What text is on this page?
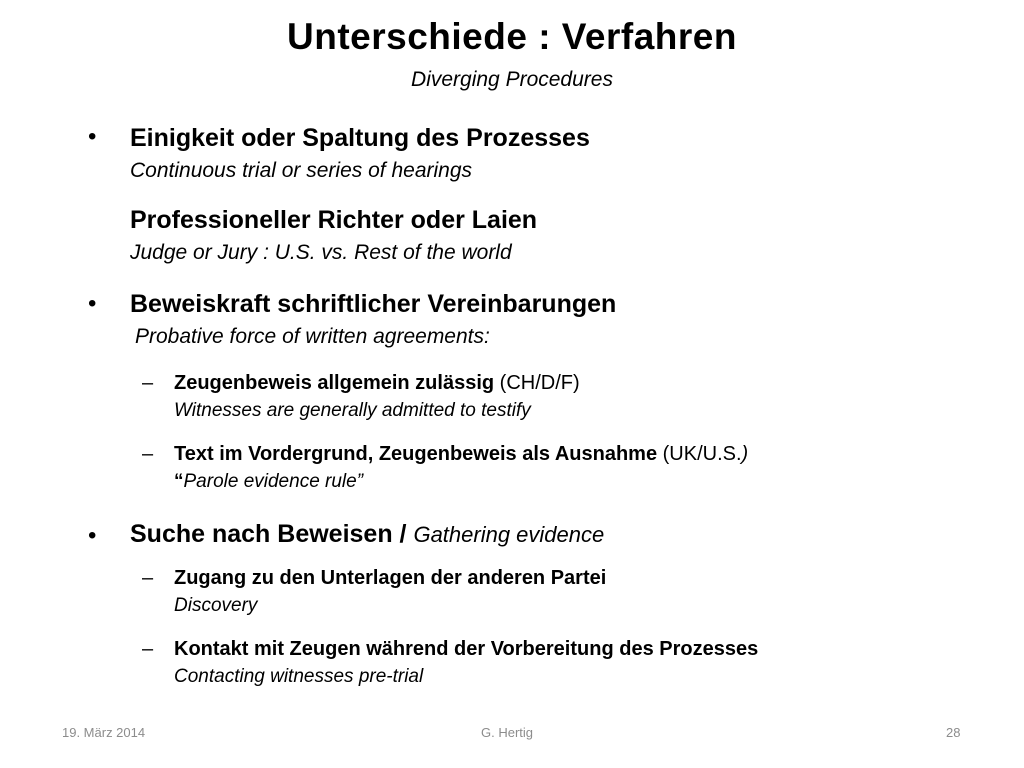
Unterschiede : Verfahren
Diverging Procedures
• Einigkeit oder Spaltung des Prozesses
Continuous trial or series of hearings
Professioneller Richter oder Laien
Judge or Jury : U.S. vs. Rest of the world
• Beweiskraft schriftlicher Vereinbarungen
Probative force of written agreements:
– Zeugenbeweis allgemein zulässig (CH/D/F)
Witnesses are generally admitted to testify
– Text im Vordergrund, Zeugenbeweis als Ausnahme (UK/U.S.)
“Parole evidence rule”
• Suche nach Beweisen / Gathering evidence
– Zugang zu den Unterlagen der anderen Partei
Discovery
– Kontakt mit Zeugen während der Vorbereitung des Prozesses
Contacting witnesses pre-trial
19. März 2014	G. Hertig	28
